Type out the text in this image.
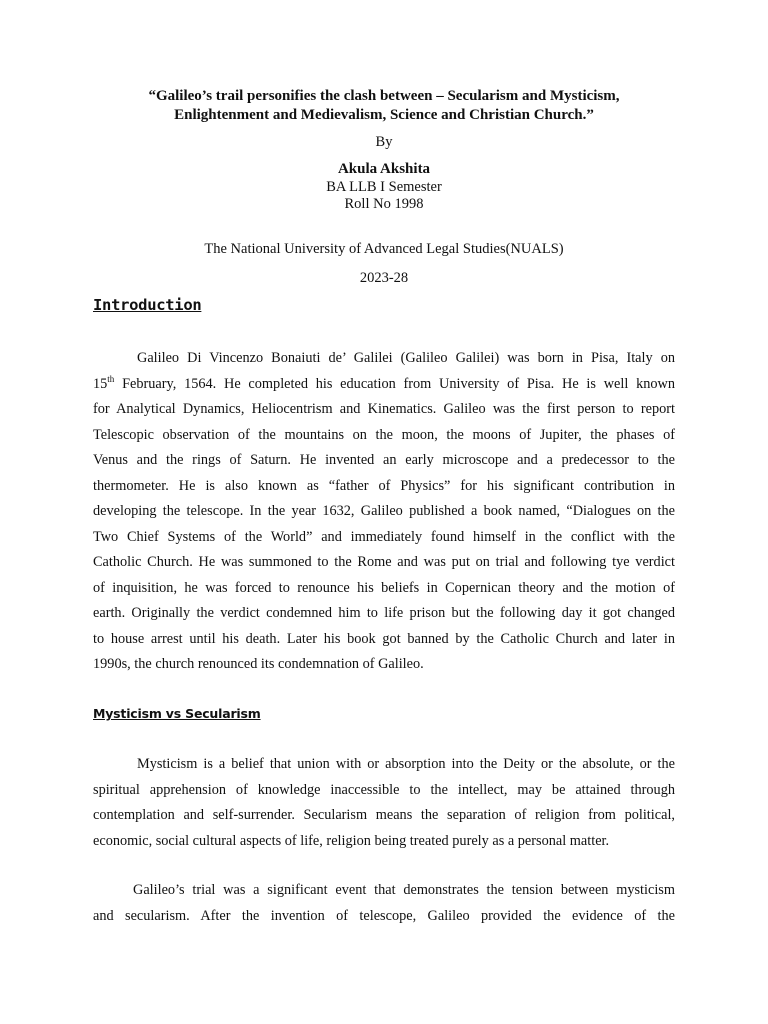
“Galileo’s trail personifies the clash between – Secularism and Mysticism,
Enlightenment and Medievalism, Science and Christian Church.”
By
Akula Akshita
BA LLB I Semester
Roll No 1998
The National University of Advanced Legal Studies(NUALS)
2023-28
Introduction
Galileo Di Vincenzo Bonaiuti de’ Galilei (Galileo Galilei) was born in Pisa, Italy on
15th February, 1564. He completed his education from University of Pisa. He is well known
for Analytical Dynamics, Heliocentrism and Kinematics. Galileo was the first person to report
Telescopic observation of the mountains on the moon, the moons of Jupiter, the phases of
Venus and the rings of Saturn. He invented an early microscope and a predecessor to the
thermometer. He is also known as “father of Physics” for his significant contribution in
developing the telescope. In the year 1632, Galileo published a book named, “Dialogues on the
Two Chief Systems of the World” and immediately found himself in the conflict with the
Catholic Church. He was summoned to the Rome and was put on trial and following tye verdict
of inquisition, he was forced to renounce his beliefs in Copernican theory and the motion of
earth. Originally the verdict condemned him to life prison but the following day it got changed
to house arrest until his death. Later his book got banned by the Catholic Church and later in
1990s, the church renounced its condemnation of Galileo.
Mysticism vs Secularism
Mysticism is a belief that union with or absorption into the Deity or the absolute, or the
spiritual apprehension of knowledge inaccessible to the intellect, may be attained through
contemplation and self-surrender. Secularism means the separation of religion from political,
economic, social cultural aspects of life, religion being treated purely as a personal matter.
Galileo’s trial was a significant event that demonstrates the tension between mysticism
and secularism. After the invention of telescope, Galileo provided the evidence of the
